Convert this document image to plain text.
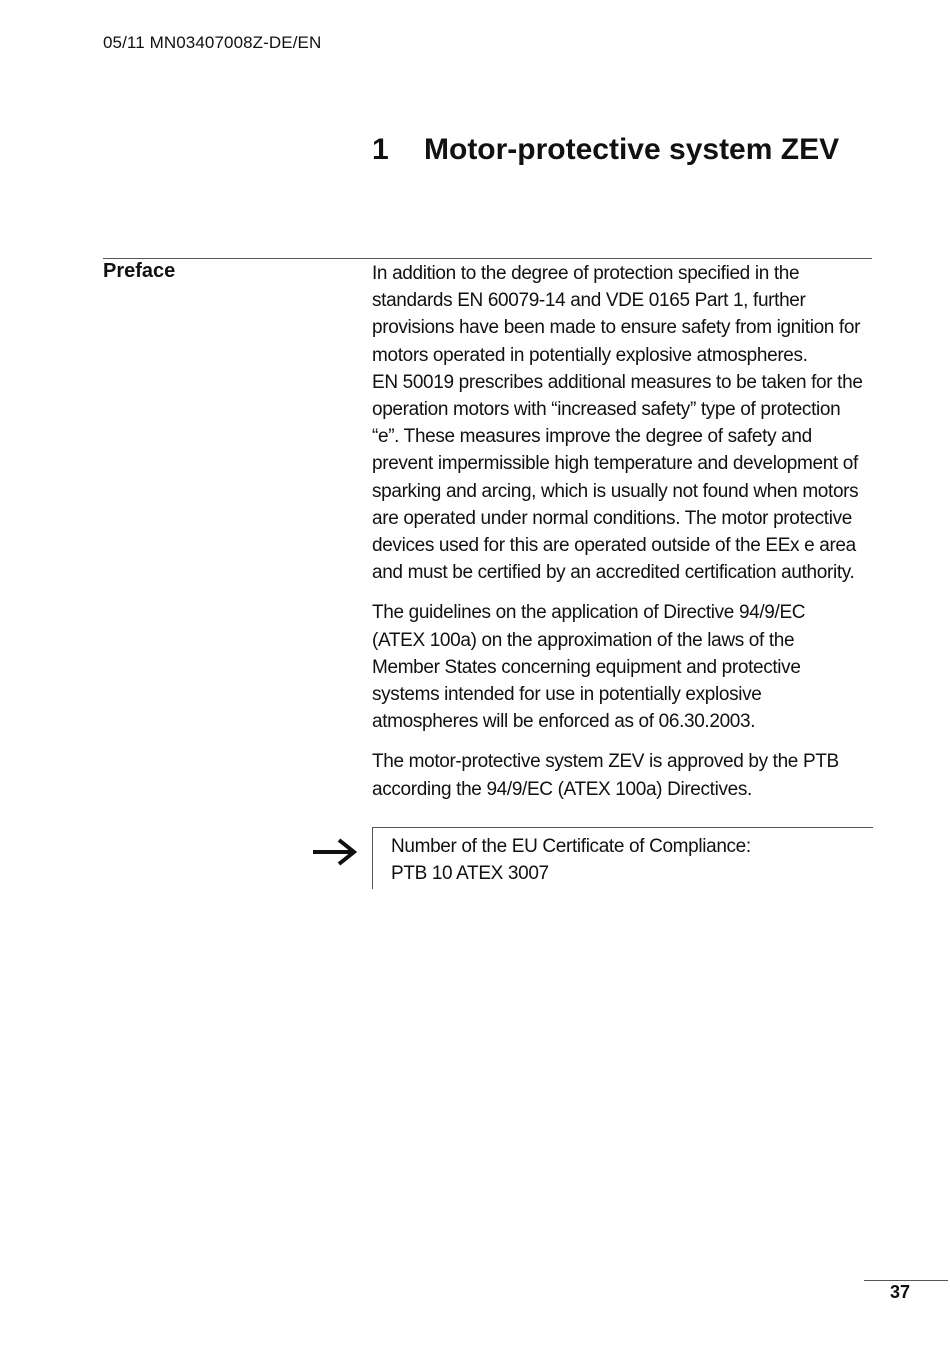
05/11 MN03407008Z-DE/EN
1 Motor-protective system ZEV
Preface	In addition to the degree of protection specified in the
standards EN 60079-14 and VDE 0165 Part 1, further
provisions have been made to ensure safety from ignition for
motors operated in potentially explosive atmospheres.
EN 50019 prescribes additional measures to be taken for the
operation motors with “increased safety” type of protection
“e”. These measures improve the degree of safety and
prevent impermissible high temperature and development of
sparking and arcing, which is usually not found when motors
are operated under normal conditions. The motor protective
devices used for this are operated outside of the EEx e area
and must be certified by an accredited certification authority.

The guidelines on the application of Directive 94/9/EC
(ATEX 100a) on the approximation of the laws of the
Member States concerning equipment and protective
systems intended for use in potentially explosive
atmospheres will be enforced as of 06.30.2003.

The motor-protective system ZEV is approved by the PTB
according the 94/9/EC (ATEX 100a) Directives.

Number of the EU Certificate of Compliance:
PTB 10 ATEX 3007
37
